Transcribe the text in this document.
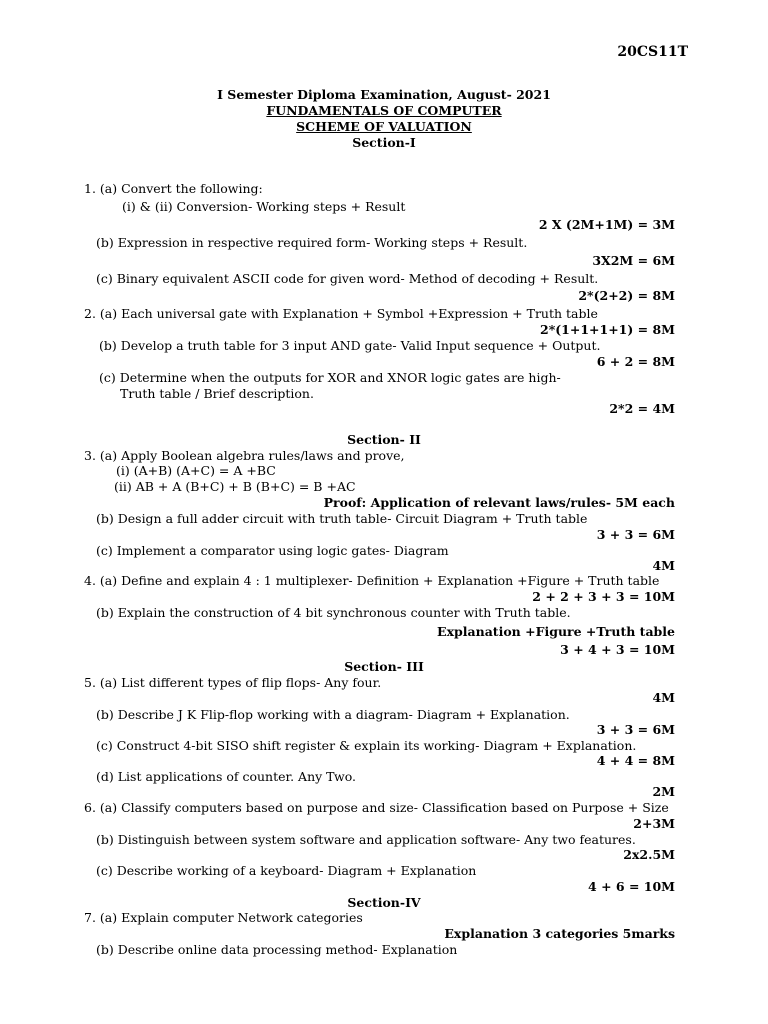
20CS11T
I Semester Diploma Examination, August- 2021
FUNDAMENTALS OF COMPUTER
SCHEME OF VALUATION
Section-I
1. (a) Convert the following:
(i) & (ii) Conversion- Working steps + Result
2 X (2M+1M) = 3M
(b) Expression in respective required form- Working steps + Result.
3X2M = 6M
(c) Binary equivalent ASCII code for given word- Method of decoding + Result.
2*(2+2) = 8M
2. (a) Each universal gate with Explanation + Symbol +Expression + Truth table
2*(1+1+1+1) = 8M
(b) Develop a truth table for 3 input AND gate- Valid Input sequence + Output.
6 + 2 = 8M
(c) Determine when the outputs for XOR and XNOR logic gates are high-
Truth table / Brief description.
2*2 = 4M
Section- II
3. (a) Apply Boolean algebra rules/laws and prove,
(i) (A+B) (A+C) = A +BC
(ii) AB + A (B+C) + B (B+C) = B +AC
Proof: Application of relevant laws/rules- 5M each
(b) Design a full adder circuit with truth table- Circuit Diagram + Truth table
3 + 3 = 6M
(c) Implement a comparator using logic gates- Diagram
4M
4. (a) Define and explain 4 : 1 multiplexer- Definition + Explanation +Figure + Truth table
2 + 2 + 3 + 3 = 10M
(b) Explain the construction of 4 bit synchronous counter with Truth table.
Explanation +Figure +Truth table
3 + 4 + 3 = 10M
Section- III
5. (a) List different types of flip flops- Any four.
4M
(b) Describe J K Flip-flop working with a diagram- Diagram + Explanation.
3 + 3 = 6M
(c) Construct 4-bit SISO shift register & explain its working- Diagram + Explanation.
4 + 4 = 8M
(d) List applications of counter. Any Two.
2M
6. (a) Classify computers based on purpose and size- Classification based on Purpose + Size
2+3M
(b) Distinguish between system software and application software- Any two features.
2x2.5M
(c) Describe working of a keyboard- Diagram + Explanation
4 + 6 = 10M
Section-IV
7. (a) Explain computer Network categories
Explanation 3 categories 5marks
(b) Describe online data processing method- Explanation
